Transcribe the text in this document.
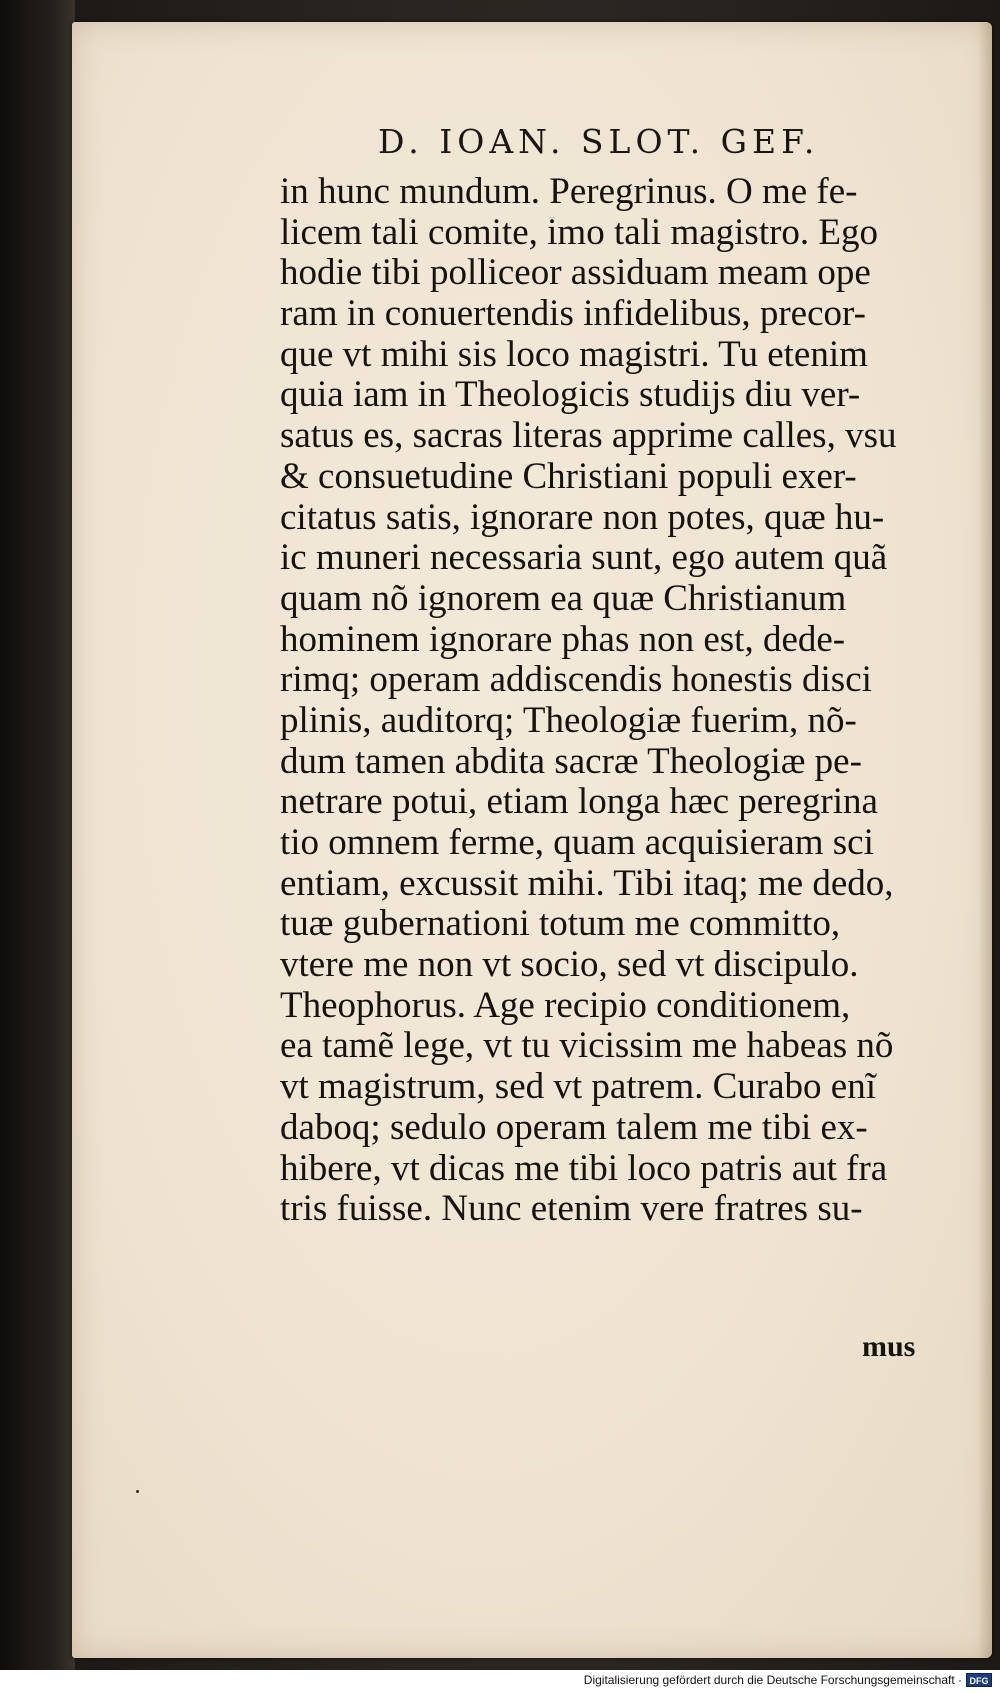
D. IOAN. SLOT. GEF.
in hunc mundum. Peregrinus. O me fe-
licem tali comite, imo tali magistro. Ego
hodie tibi polliceor assiduam meam ope
ram in conuertendis infidelibus, precor-
que vt mihi sis loco magistri. Tu etenim
quia iam in Theologicis studijs diu ver-
satus es, sacras literas apprime calles, vsu
& consuetudine Christiani populi exer-
citatus satis, ignorare non potes, quæ hu-
ic muneri necessaria sunt, ego autem quã
quam nõ ignorem ea quæ Christianum
hominem ignorare phas non est, dede-
rimq; operam addiscendis honestis disci
plinis, auditorq; Theologiæ fuerim, nõ-
dum tamen abdita sacræ Theologiæ pe-
netrare potui, etiam longa hæc peregrina
tio omnem ferme, quam acquisieram sci
entiam, excussit mihi. Tibi itaq; me dedo,
tuæ gubernationi totum me committo,
vtere me non vt socio, sed vt discipulo.
Theophorus. Age recipio conditionem,
ea tamẽ lege, vt tu vicissim me habeas nõ
vt magistrum, sed vt patrem. Curabo enĩ
daboq; sedulo operam talem me tibi ex-
hibere, vt dicas me tibi loco patris aut fra
tris fuisse. Nunc etenim vere fratres su-
mus
Digitalisierung gefördert durch die Deutsche Forschungsgemeinschaft · DFG
